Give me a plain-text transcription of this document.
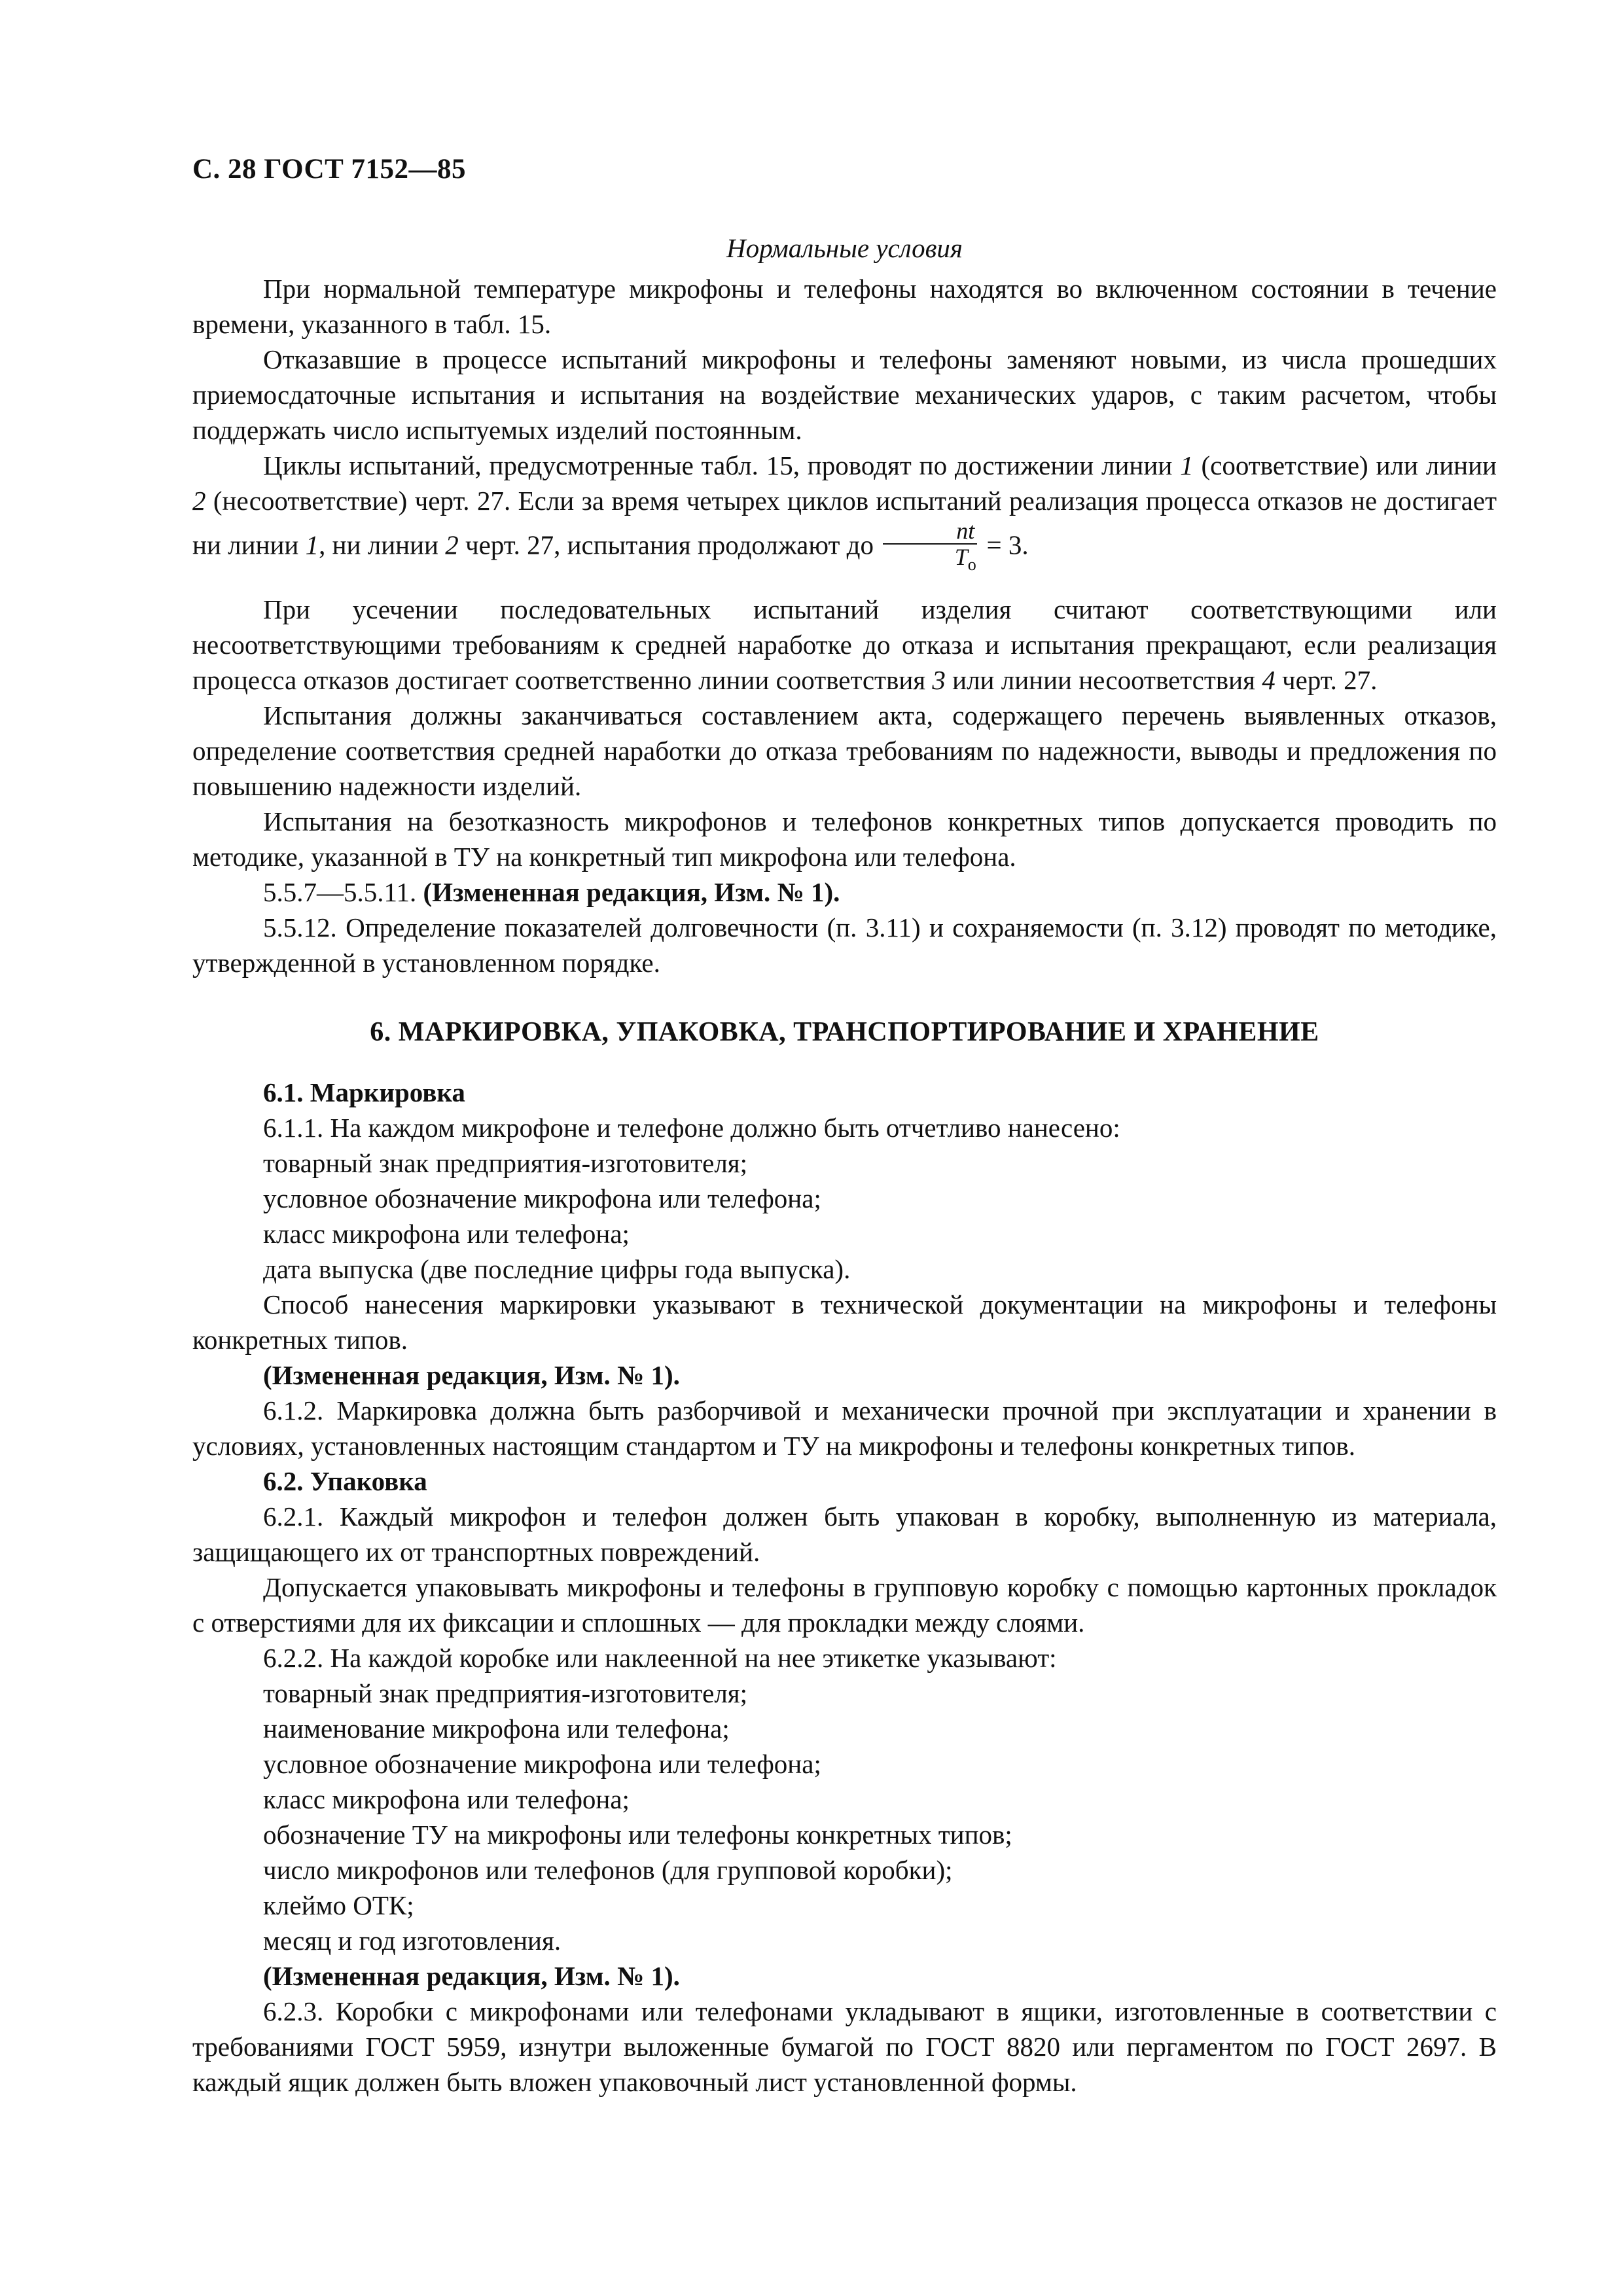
С. 28 ГОСТ 7152—85

Нормальные условия

При нормальной температуре микрофоны и телефоны находятся во включенном состоянии в течение времени, указанного в табл. 15.

Отказавшие в процессе испытаний микрофоны и телефоны заменяют новыми, из числа прошедших приемосдаточные испытания и испытания на воздействие механических ударов, с таким расчетом, чтобы поддержать число испытуемых изделий постоянным.

Циклы испытаний, предусмотренные табл. 15, проводят по достижении линии 1 (соответствие) или линии 2 (несоответствие) черт. 27. Если за время четырех циклов испытаний реализация процесса отказов не достигает ни линии 1, ни линии 2 черт. 27, испытания продолжают до $\frac{nt}{T_о} = 3$.

При усечении последовательных испытаний изделия считают соответствующими или несоответствующими требованиям к средней наработке до отказа и испытания прекращают, если реализация процесса отказов достигает соответственно линии соответствия 3 или линии несоответствия 4 черт. 27.

Испытания должны заканчиваться составлением акта, содержащего перечень выявленных отказов, определение соответствия средней наработки до отказа требованиям по надежности, выводы и предложения по повышению надежности изделий.

Испытания на безотказность микрофонов и телефонов конкретных типов допускается проводить по методике, указанной в ТУ на конкретный тип микрофона или телефона.

5.5.7—5.5.11. (Измененная редакция, Изм. № 1).

5.5.12. Определение показателей долговечности (п. 3.11) и сохраняемости (п. 3.12) проводят по методике, утвержденной в установленном порядке.

6. МАРКИРОВКА, УПАКОВКА, ТРАНСПОРТИРОВАНИЕ И ХРАНЕНИЕ

6.1. Маркировка

6.1.1. На каждом микрофоне и телефоне должно быть отчетливо нанесено:

товарный знак предприятия-изготовителя;

условное обозначение микрофона или телефона;

класс микрофона или телефона;

дата выпуска (две последние цифры года выпуска).

Способ нанесения маркировки указывают в технической документации на микрофоны и телефоны конкретных типов.

(Измененная редакция, Изм. № 1).

6.1.2. Маркировка должна быть разборчивой и механически прочной при эксплуатации и хранении в условиях, установленных настоящим стандартом и ТУ на микрофоны и телефоны конкретных типов.

6.2. Упаковка

6.2.1. Каждый микрофон и телефон должен быть упакован в коробку, выполненную из материала, защищающего их от транспортных повреждений.

Допускается упаковывать микрофоны и телефоны в групповую коробку с помощью картонных прокладок с отверстиями для их фиксации и сплошных — для прокладки между слоями.

6.2.2. На каждой коробке или наклеенной на нее этикетке указывают:

товарный знак предприятия-изготовителя;

наименование микрофона или телефона;

условное обозначение микрофона или телефона;

класс микрофона или телефона;

обозначение ТУ на микрофоны или телефоны конкретных типов;

число микрофонов или телефонов (для групповой коробки);

клеймо ОТК;

месяц и год изготовления.

(Измененная редакция, Изм. № 1).

6.2.3. Коробки с микрофонами или телефонами укладывают в ящики, изготовленные в соответствии с требованиями ГОСТ 5959, изнутри выложенные бумагой по ГОСТ 8820 или пергаментом по ГОСТ 2697. В каждый ящик должен быть вложен упаковочный лист установленной формы.
